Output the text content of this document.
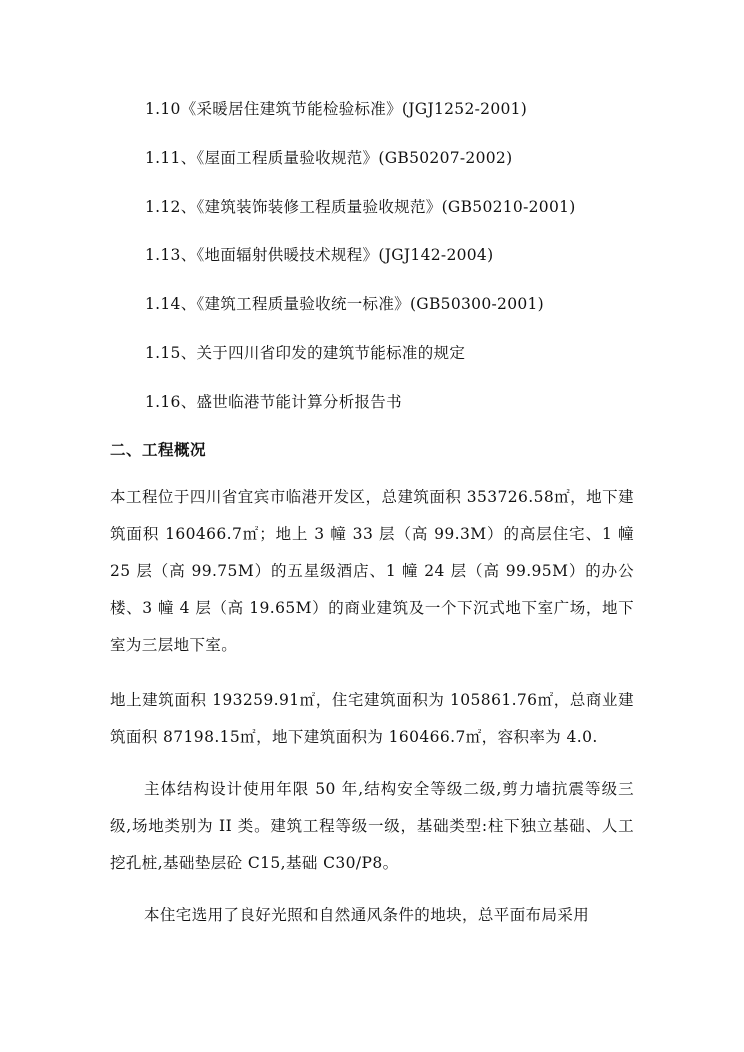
1.10《采暖居住建筑节能检验标准》(JGJ1252-2001)
1.11、《屋面工程质量验收规范》(GB50207-2002)
1.12、《建筑装饰装修工程质量验收规范》(GB50210-2001)
1.13、《地面辐射供暖技术规程》(JGJ142-2004)
1.14、《建筑工程质量验收统一标准》(GB50300-2001)
1.15、关于四川省印发的建筑节能标准的规定
1.16、盛世临港节能计算分析报告书
二、工程概况
本工程位于四川省宜宾市临港开发区，总建筑面积 353726.58㎡，地下建筑面积 160466.7㎡；地上 3 幢 33 层（高 99.3M）的高层住宅、1 幢 25 层（高 99.75M）的五星级酒店、1 幢 24 层（高 99.95M）的办公楼、3 幢 4 层（高 19.65M）的商业建筑及一个下沉式地下室广场，地下室为三层地下室。
地上建筑面积 193259.91㎡，住宅建筑面积为 105861.76㎡，总商业建筑面积 87198.15㎡，地下建筑面积为 160466.7㎡，容积率为 4.0.
主体结构设计使用年限 50 年,结构安全等级二级,剪力墙抗震等级三级,场地类别为 II 类。建筑工程等级一级，基础类型:柱下独立基础、人工挖孔桩,基础垫层砼 C15,基础 C30/P8。
本住宅选用了良好光照和自然通风条件的地块，总平面布局采用
